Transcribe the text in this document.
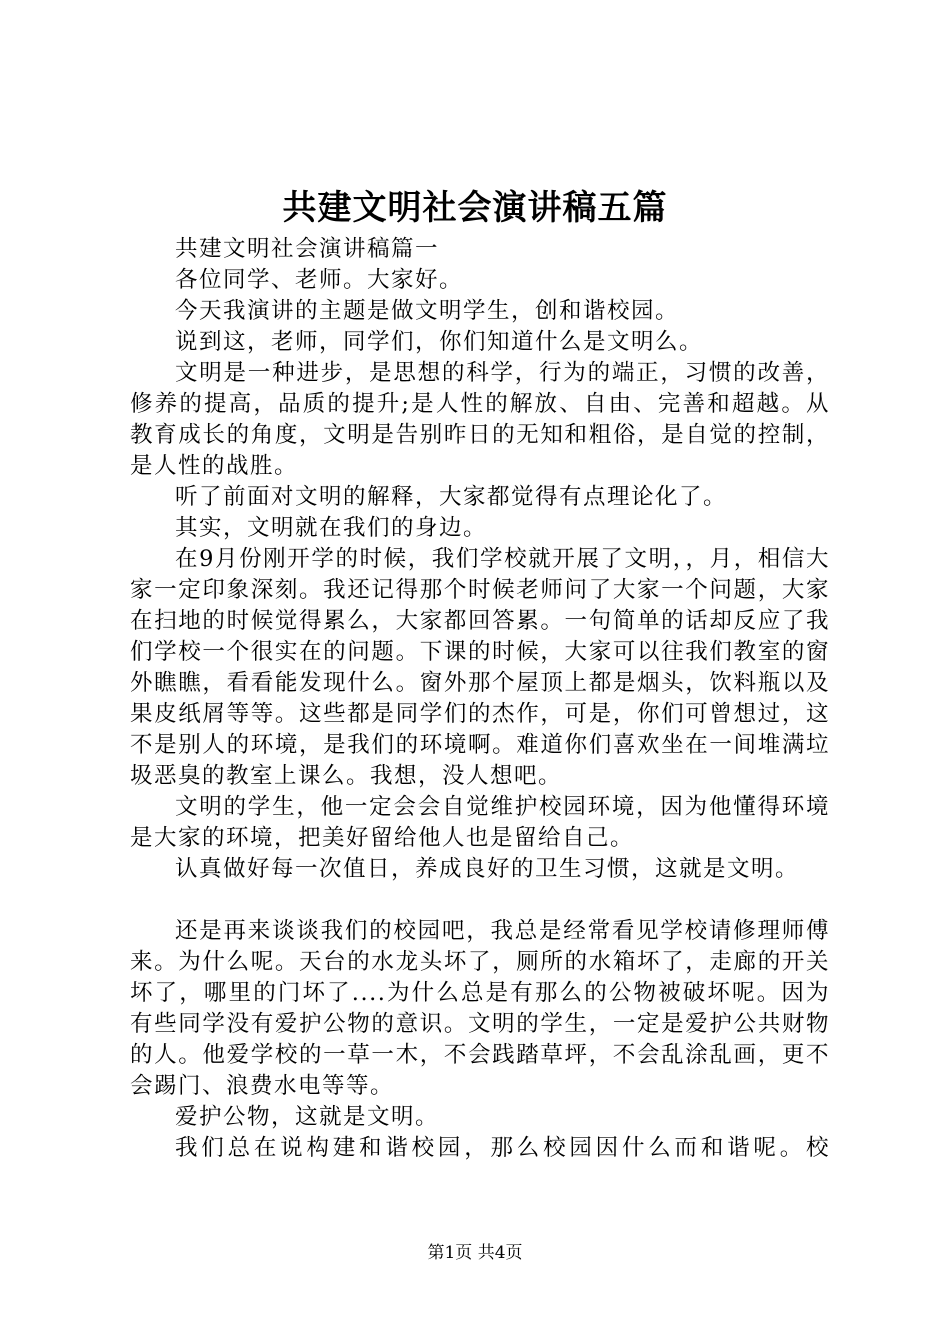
共建文明社会演讲稿五篇

共建文明社会演讲稿篇一

各位同学、老师。大家好。

今天我演讲的主题是做文明学生，创和谐校园。

说到这，老师，同学们，你们知道什么是文明么。

文明是一种进步，是思想的科学，行为的端正，习惯的改善，修养的提高，品质的提升;是人性的解放、自由、完善和超越。从教育成长的角度，文明是告别昨日的无知和粗俗，是自觉的控制，是人性的战胜。

听了前面对文明的解释，大家都觉得有点理论化了。

其实，文明就在我们的身边。

在9月份刚开学的时候，我们学校就开展了文明，，月，相信大家一定印象深刻。我还记得那个时候老师问了大家一个问题，大家在扫地的时候觉得累么，大家都回答累。一句简单的话却反应了我们学校一个很实在的问题。下课的时候，大家可以往我们教室的窗外瞧瞧，看看能发现什么。窗外那个屋顶上都是烟头，饮料瓶以及果皮纸屑等等。这些都是同学们的杰作，可是，你们可曾想过，这不是别人的环境，是我们的环境啊。难道你们喜欢坐在一间堆满垃圾恶臭的教室上课么。我想，没人想吧。

文明的学生，他一定会会自觉维护校园环境，因为他懂得环境是大家的环境，把美好留给他人也是留给自己。

认真做好每一次值日，养成良好的卫生习惯，这就是文明。

还是再来谈谈我们的校园吧，我总是经常看见学校请修理师傅来。为什么呢。天台的水龙头坏了，厕所的水箱坏了，走廊的开关坏了，哪里的门坏了....为什么总是有那么的公物被破坏呢。因为有些同学没有爱护公物的意识。文明的学生，一定是爱护公共财物的人。他爱学校的一草一木，不会践踏草坪，不会乱涂乱画，更不会踢门、浪费水电等等。

爱护公物，这就是文明。

我们总在说构建和谐校园，那么校园因什么而和谐呢。校

第1页 共4页
